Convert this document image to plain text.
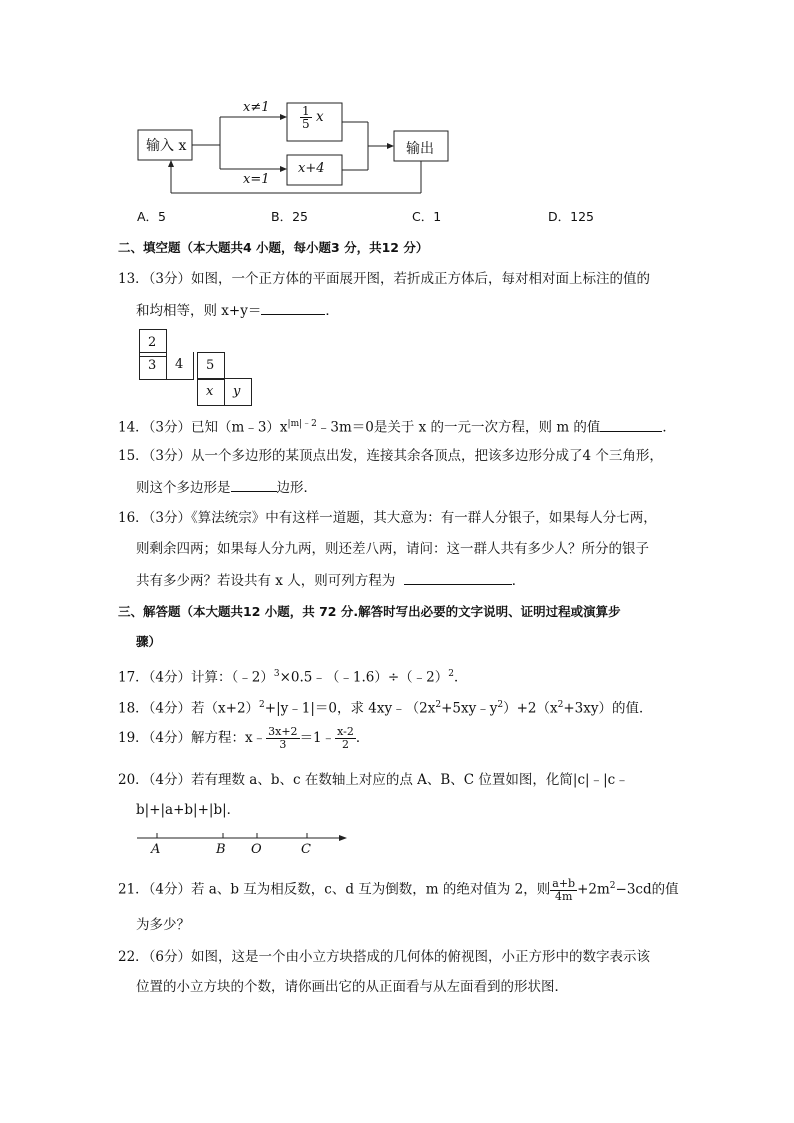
输入 x
x≠1	$\frac{1}{5}$ x
x=1
x+4
输出
A．5	B．25	C．1	D．125
二、填空题（本大题共4 小题，每小题3 分，共12 分）
13．（3分）如图，一个正方体的平面展开图，若折成正方体后，每对相对面上标注的值的
和均相等，则 x+y＝	．
2
3	4	5
x	y
14．（3分）已知$(m﹣3)x^{|m|﹣2}﹣3m=0$是关于 x 的一元一次方程，则 m 的值	．
15．（3分）从一个多边形的某顶点出发，连接其余各顶点，把该多边形分成了4 个三角形，
则这个多边形是	边形．
16．（3分）《算法统宗》中有这样一道题，其大意为：有一群人分银子，如果每人分七两，
则剩余四两；如果每人分九两，则还差八两，请问：这一群人共有多少人？所分的银子
共有多少两？若设共有 x 人，则可列方程为	．
三、解答题（本大题共12 小题，共 72 分.解答时写出必要的文字说明、证明过程或演算步
骤）
17．（4分）计算：（﹣2）$^3$×0.5﹣（﹣1.6）÷（﹣2）$^2$．
18．（4分）若$(x+2)^2+|y﹣1|=0$，求 $4xy﹣(2x^2+5xy﹣y^2)+2(x^2+3xy)$的值．
19．（4分）解方程：x﹣ $\frac{3x+2}{3}$ ＝1﹣ $\frac{x-2}{2}$ ．
20．（4分）若有理数 a、b、c 在数轴上对应的点 A、B、C 位置如图，化简|c|﹣|c﹣
b|+|a+b|+|b|．
A	B O	C
21．（4分）若 a、b 互为相反数，c、d 互为倒数，m 的绝对值为 2，则 $\frac{a+b}{4m} +2m^2-3cd$的值
为多少？
22．（6分）如图，这是一个由小立方块搭成的几何体的俯视图，小正方形中的数字表示该
位置的小立方块的个数，请你画出它的从正面看与从左面看到的形状图．
